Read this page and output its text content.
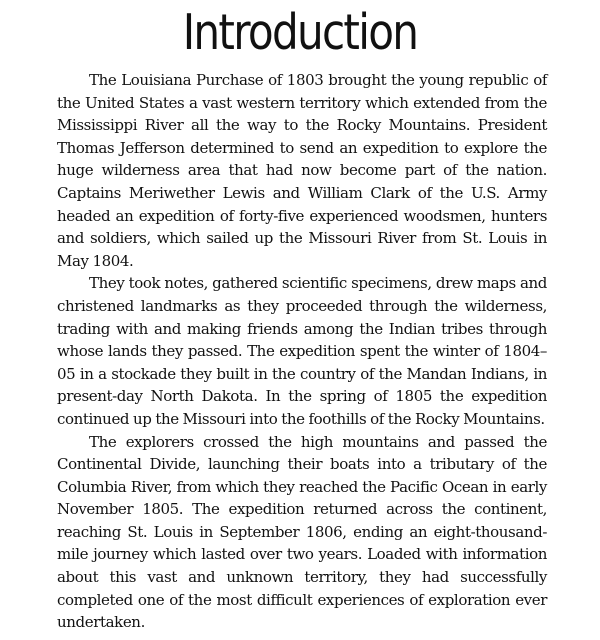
Introduction

The Louisiana Purchase of 1803 brought the young republic of the United States a vast western territory which extended from the Mississippi River all the way to the Rocky Mountains. President Thomas Jefferson determined to send an expedition to explore the huge wilderness area that had now become part of the nation. Captains Meriwether Lewis and William Clark of the U.S. Army headed an expedition of forty-five experienced woodsmen, hunters and soldiers, which sailed up the Missouri River from St. Louis in May 1804.

They took notes, gathered scientific specimens, drew maps and christened landmarks as they proceeded through the wilderness, trading with and making friends among the Indian tribes through whose lands they passed. The expedition spent the winter of 1804–05 in a stockade they built in the country of the Mandan Indians, in present-day North Dakota. In the spring of 1805 the expedition continued up the Missouri into the foothills of the Rocky Mountains.

The explorers crossed the high mountains and passed the Continental Divide, launching their boats into a tributary of the Columbia River, from which they reached the Pacific Ocean in early November 1805. The expedition returned across the continent, reaching St. Louis in September 1806, ending an eight-thousand-mile journey which lasted over two years. Loaded with information about this vast and unknown territory, they had successfully completed one of the most difficult experiences of exploration ever undertaken.
